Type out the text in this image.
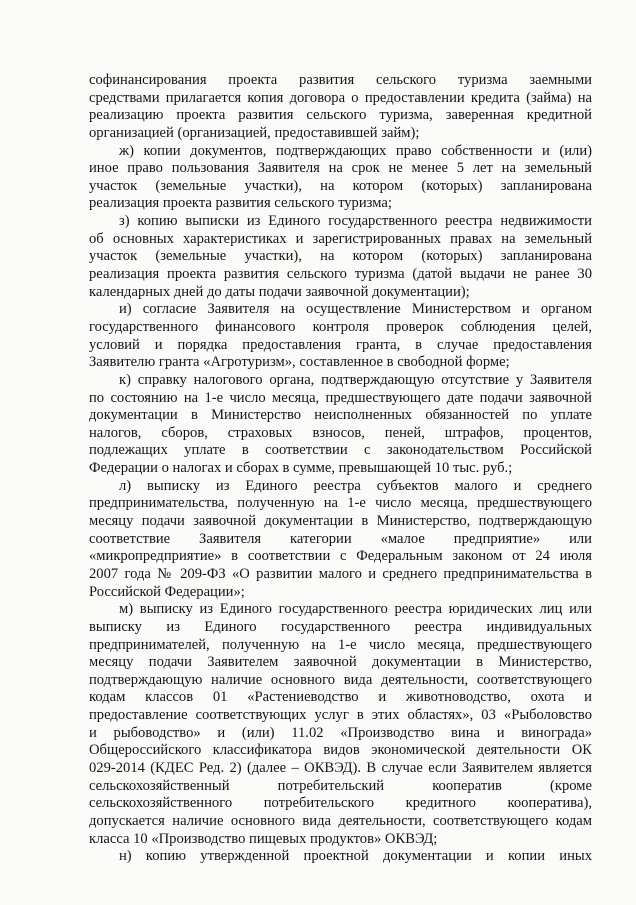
софинансирования проекта развития сельского туризма заемными
средствами прилагается копия договора о предоставлении кредита (займа) на
реализацию проекта развития сельского туризма, заверенная кредитной
организацией (организацией, предоставившей займ);
ж) копии документов, подтверждающих право собственности и (или)
иное право пользования Заявителя на срок не менее 5 лет на земельный
участок (земельные участки), на котором (которых) запланирована
реализация проекта развития сельского туризма;
з) копию выписки из Единого государственного реестра недвижимости
об основных характеристиках и зарегистрированных правах на земельный
участок (земельные участки), на котором (которых) запланирована
реализация проекта развития сельского туризма (датой выдачи не ранее 30
календарных дней до даты подачи заявочной документации);
и) согласие Заявителя на осуществление Министерством и органом
государственного финансового контроля проверок соблюдения целей,
условий и порядка предоставления гранта, в случае предоставления
Заявителю гранта «Агротуризм», составленное в свободной форме;
к) справку налогового органа, подтверждающую отсутствие у Заявителя
по состоянию на 1-е число месяца, предшествующего дате подачи заявочной
документации в Министерство неисполненных обязанностей по уплате
налогов, сборов, страховых взносов, пеней, штрафов, процентов,
подлежащих уплате в соответствии с законодательством Российской
Федерации о налогах и сборах в сумме, превышающей 10 тыс. руб.;
л) выписку из Единого реестра субъектов малого и среднего
предпринимательства, полученную на 1-е число месяца, предшествующего
месяцу подачи заявочной документации в Министерство, подтверждающую
соответствие Заявителя категории «малое предприятие» или
«микропредприятие» в соответствии с Федеральным законом от 24 июля
2007 года № 209-ФЗ «О развитии малого и среднего предпринимательства в
Российской Федерации»;
м) выписку из Единого государственного реестра юридических лиц или
выписку из Единого государственного реестра индивидуальных
предпринимателей, полученную на 1-е число месяца, предшествующего
месяцу подачи Заявителем заявочной документации в Министерство,
подтверждающую наличие основного вида деятельности, соответствующего
кодам классов 01 «Растениеводство и животноводство, охота и
предоставление соответствующих услуг в этих областях», 03 «Рыболовство
и рыбоводство» и (или) 11.02 «Производство вина и винограда»
Общероссийского классификатора видов экономической деятельности ОК
029-2014 (КДЕС Ред. 2) (далее – ОКВЭД). В случае если Заявителем является
сельскохозяйственный потребительский кооператив (кроме
сельскохозяйственного потребительского кредитного кооператива),
допускается наличие основного вида деятельности, соответствующего кодам
класса 10 «Производство пищевых продуктов» ОКВЭД;
н) копию утвержденной проектной документации и копии иных
